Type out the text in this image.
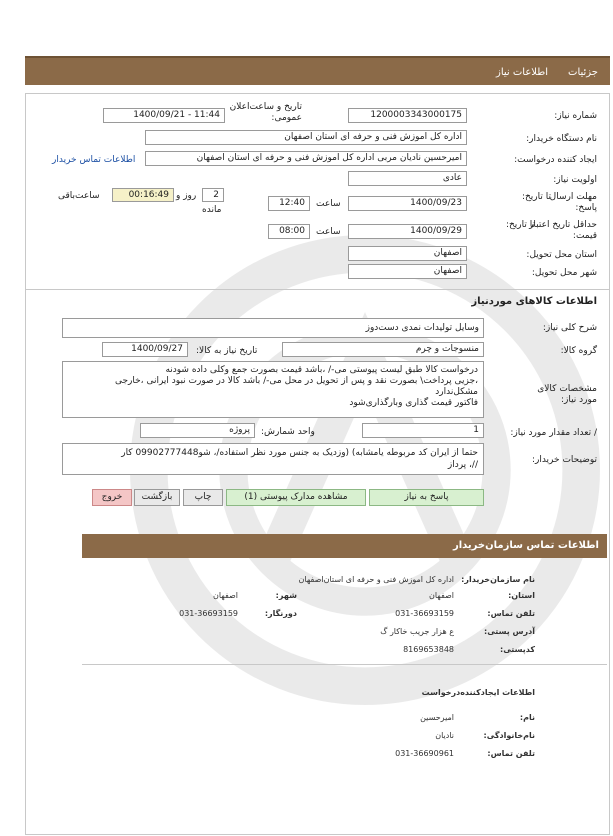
جزئیات
اطلاعات نیاز
شماره نیاز:
1200003343000175
تاریخ و ساعت‌اعلان عمومی:
1400/09/21 - 11:44
نام دستگاه خریدار:
اداره کل اموزش فنی و حرفه ای استان اصفهان
ایجاد کننده درخواست:
امیرحسین نادیان مربی اداره کل اموزش فنی و حرفه ای استان اصفهان
اطلاعات تماس خریدار
اولویت نیاز:
عادی
مهلت ارسال پاسخ:
تا تاریخ:
1400/09/23
ساعت
12:40
2
روز و
مانده
00:16:49
ساعت‌باقی
حداقل تاریخ اعتبار قیمت:
تا تاریخ:
1400/09/29
ساعت
08:00
استان محل تحویل:
اصفهان
شهر محل تحویل:
اصفهان
اطلاعات کالاهای موردنیاز
شرح کلی نیاز:
وسایل تولیدات نمدی دست‌دوز
گروه کالا:
منسوجات و چرم
تاریخ نیاز به کالا:
1400/09/27
مشخصات کالای مورد نیاز:
درخواست کالا طبق لیست پیوستی می-/ ،باشد قیمت بصورت جمع وکلی داده شودنه
،جزیی پرداخت\ بصورت نقد و پس از تحویل در محل می-/ باشد کالا در صورت نبود ایرانی ،خارجی
مشکل‌ندارد
فاکتور قیمت گذاری وبارگذاری‌شود
/ تعداد مقدار مورد نیاز:
1
واحد شمارش:
پروژه
توضیحات خریدار:
حتما از ایران کد مربوطه یامشابه) (وزدیک به جنس مورد نظر استفاده/، شو09902777448 کار
//، پرداز
پاسخ به نیاز
مشاهده مدارک پیوستی (1)
چاپ
بازگشت
خروج
اطلاعات تماس سازمان‌خریدار
نام سازمان‌خریدار:
اداره کل اموزش فنی و حرفه ای استان‌اصفهان
استان:
اصفهان
شهر:
اصفهان
تلفن تماس:
031-36693159
دورنگار:
031-36693159
آدرس پستی:
ع هزار جریب خاکار گ
کدپستی:
8169653848
اطلاعات ایجادکننده‌درخواست
نام:
امیرحسین
نام‌خانوادگی:
نادیان
تلفن تماس:
031-36690961
